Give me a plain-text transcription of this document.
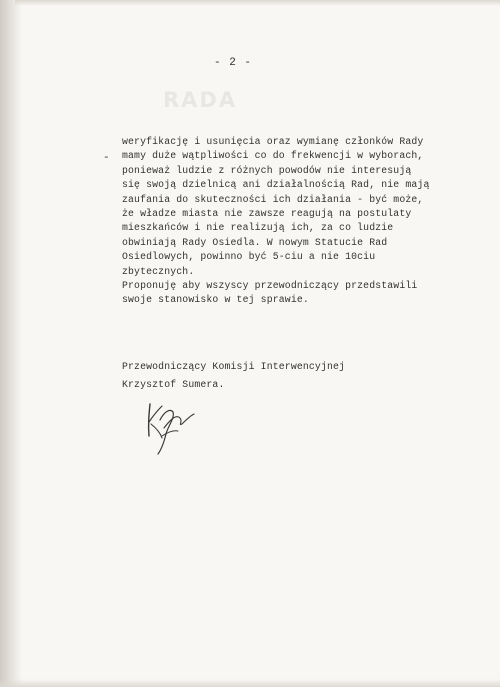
RADA
- 2 -
-
weryfikację i usunięcia oraz wymianę członków Rady
mamy duże wątpliwości co do frekwencji w wyborach,
ponieważ ludzie z różnych powodów nie interesują
się swoją dzielnicą ani działalnością Rad, nie mają
zaufania do skuteczności ich działania - być może,
że władze miasta nie zawsze reagują na postulaty
mieszkańców i nie realizują ich, za co ludzie
obwiniają Rady Osiedla. W nowym Statucie Rad
Osiedlowych, powinno być 5-ciu a nie 10ciu
zbytecznych.
Proponuję aby wszyscy przewodniczący przedstawili
swoje stanowisko w tej sprawie.
Przewodniczący Komisji Interwencyjnej
Krzysztof Sumera.
